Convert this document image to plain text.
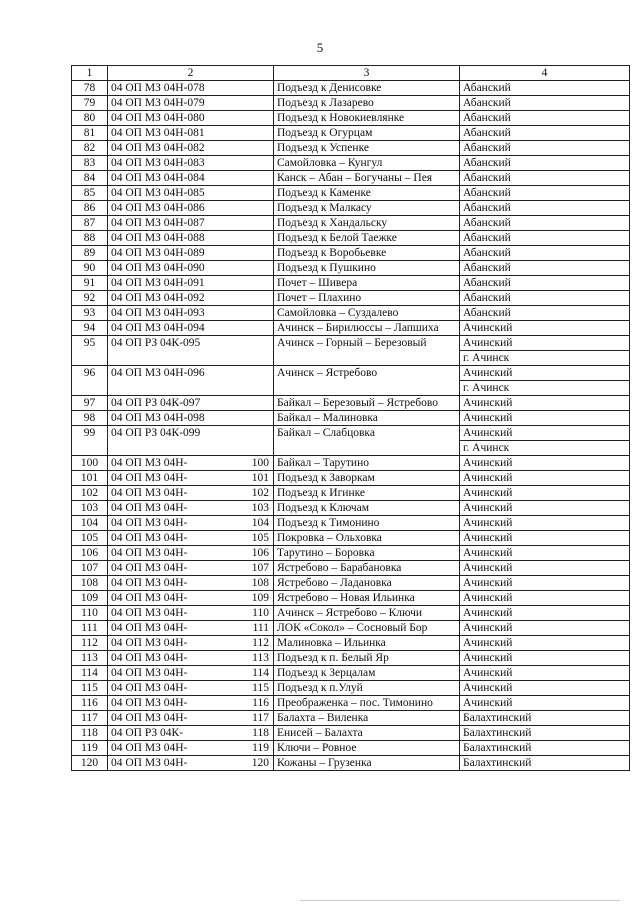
5
1	2	3	4
78	04 ОП МЗ 04Н-078	Подъезд к Денисовке	Абанский

79	04 ОП МЗ 04Н-079	Подъезд к Лазарево	Абанский

80	04 ОП МЗ 04Н-080	Подъезд к Новокиевлянке	Абанский

81	04 ОП МЗ 04Н-081	Подъезд к Огурцам	Абанский

82	04 ОП МЗ 04Н-082	Подъезд к Успенке	Абанский

83	04 ОП МЗ 04Н-083	Самойловка – Кунгул	Абанский

84	04 ОП МЗ 04Н-084	Канск – Абан – Богучаны – Пея	Абанский

85	04 ОП МЗ 04Н-085	Подъезд к Каменке	Абанский

86	04 ОП МЗ 04Н-086	Подъезд к Малкасу	Абанский

87	04 ОП МЗ 04Н-087	Подъезд к Хандальску	Абанский

88	04 ОП МЗ 04Н-088	Подъезд к Белой Таежке	Абанский

89	04 ОП МЗ 04Н-089	Подъезд к Воробьевке	Абанский

90	04 ОП МЗ 04Н-090	Подъезд к Пушкино	Абанский

91	04 ОП МЗ 04Н-091	Почет – Шивера	Абанский

92	04 ОП МЗ 04Н-092	Почет – Плахино	Абанский

93	04 ОП МЗ 04Н-093	Самойловка – Суздалево	Абанский

94	04 ОП МЗ 04Н-094	Ачинск – Бирилюссы – Лапшиха	Ачинский

95	04 ОП РЗ 04К-095	Ачинск – Горный – Березовый	Ачинский
г. Ачинск

96	04 ОП МЗ 04Н-096	Ачинск – Ястребово	Ачинский
г. Ачинск

97	04 ОП РЗ 04К-097	Байкал – Березовый – Ястребово	Ачинский

98	04 ОП МЗ 04Н-098	Байкал – Малиновка	Ачинский

99	04 ОП РЗ 04К-099	Байкал – Слабцовка	Ачинский
г. Ачинск

100	04 ОП МЗ 04Н- 100	Байкал – Тарутино	Ачинский

101	04 ОП МЗ 04Н- 101	Подъезд к Заворкам	Ачинский

102	04 ОП МЗ 04Н- 102	Подъезд к Игинке	Ачинский

103	04 ОП МЗ 04Н- 103	Подъезд к Ключам	Ачинский

104	04 ОП МЗ 04Н- 104	Подъезд к Тимонино	Ачинский

105	04 ОП МЗ 04Н- 105	Покровка – Ольховка	Ачинский

106	04 ОП МЗ 04Н- 106	Тарутино – Боровка	Ачинский

107	04 ОП МЗ 04Н- 107	Ястребово – Барабановка	Ачинский

108	04 ОП МЗ 04Н- 108	Ястребово – Ладановка	Ачинский

109	04 ОП МЗ 04Н- 109	Ястребово – Новая Ильинка	Ачинский

110	04 ОП МЗ 04Н- 110	Ачинск – Ястребово – Ключи	Ачинский

111	04 ОП МЗ 04Н- 111	ЛОК «Сокол» – Сосновый Бор	Ачинский

112	04 ОП МЗ 04Н- 112	Малиновка – Ильинка	Ачинский

113	04 ОП МЗ 04Н- 113	Подъезд к п. Белый Яр	Ачинский

114	04 ОП МЗ 04Н- 114	Подъезд к Зерцалам	Ачинский

115	04 ОП МЗ 04Н- 115	Подъезд к п.Улуй	Ачинский

116	04 ОП МЗ 04Н- 116	Преображенка – пос. Тимонино	Ачинский

117	04 ОП МЗ 04Н- 117	Балахта – Виленка	Балахтинский

118	04 ОП РЗ 04К- 118	Енисей – Балахта	Балахтинский

119	04 ОП МЗ 04Н- 119	Ключи – Ровное	Балахтинский

120	04 ОП МЗ 04Н- 120	Кожаны – Грузенка	Балахтинский
